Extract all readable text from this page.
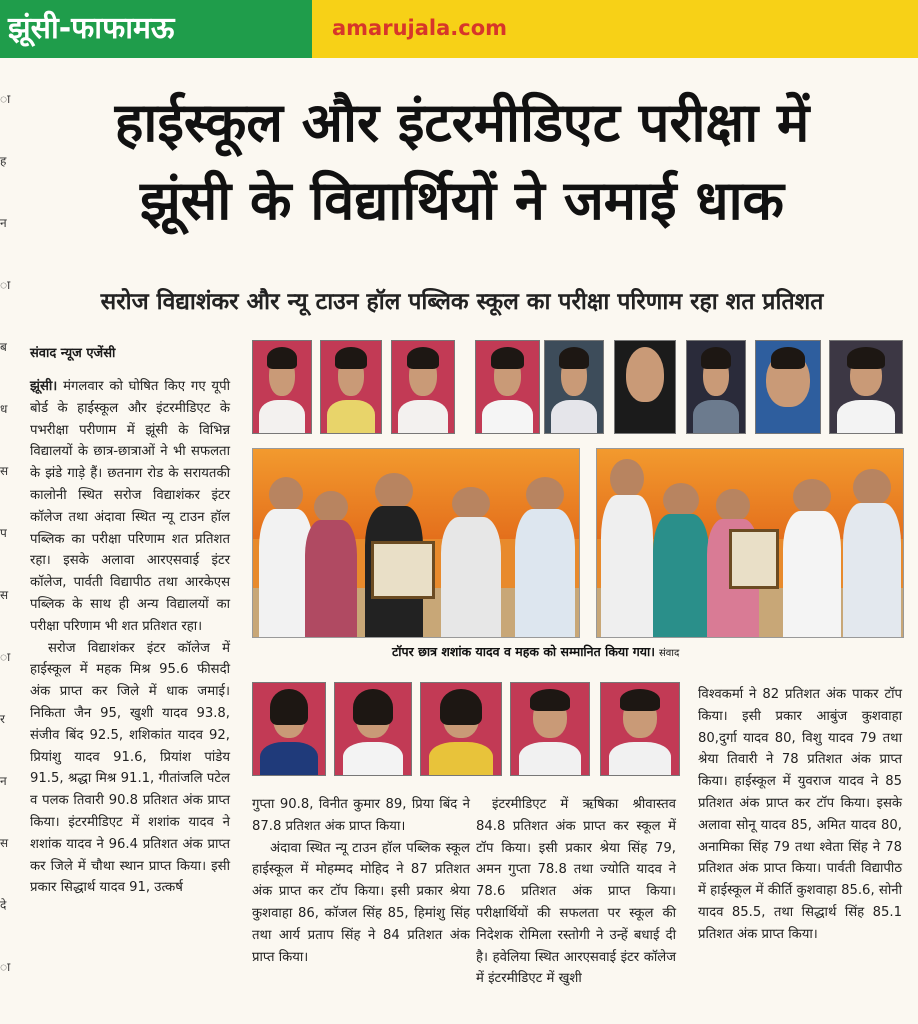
झूंसी-फाफामऊ	amarujala.com
ा
ह
न
ा
ब
ध
स
प
स
ा
र
न
स
दे
ा
हाईस्कूल और इंटरमीडिएट परीक्षा में
झूंसी के विद्यार्थियों ने जमाई धाक
सरोज विद्याशंकर और न्यू टाउन हॉल पब्लिक स्कूल का परीक्षा परिणाम रहा शत प्रतिशत
संवाद न्यूज एजेंसी
झूंसी। मंगलवार को घोषित किए गए यूपी बोर्ड के हाईस्कूल और इंटरमीडिएट के पभरीक्षा परीणाम में झूंसी के विभिन्न विद्यालयों के छात्र-छात्राओं ने भी सफलता के झंडे गाड़े हैं। छतनाग रोड के सरायतकी कालोनी स्थित सरोज विद्याशंकर इंटर कॉलेज तथा अंदावा स्थित न्यू टाउन हॉल पब्लिक का परीक्षा परिणाम शत प्रतिशत रहा। इसके अलावा आरएसवाई इंटर कॉलेज, पार्वती विद्यापीठ तथा आरकेएस पब्लिक के साथ ही अन्य विद्यालयों का परीक्षा परिणाम भी शत प्रतिशत रहा।
सरोज विद्याशंकर इंटर कॉलेज में हाईस्कूल में महक मिश्र 95.6 फीसदी अंक प्राप्त कर जिले में धाक जमाई। निकिता जैन 95, खुशी यादव 93.8, संजीव बिंद 92.5, शशिकांत यादव 92, प्रियांशु यादव 91.6, प्रियांश पांडेय 91.5, श्रद्धा मिश्र 91.1, गीतांजलि पटेल व पलक तिवारी 90.8 प्रतिशत अंक प्राप्त किया। इंटरमीडिएट में शशांक यादव ने शशांक यादव ने 96.4 प्रतिशत अंक प्राप्त कर जिले में चौथा स्थान प्राप्त किया। इसी प्रकार सिद्धार्थ यादव 91, उत्कर्ष
टॉपर छात्र शशांक यादव व महक को सम्मानित किया गया। संवाद
गुप्ता 90.8, विनीत कुमार 89, प्रिया बिंद ने 87.8 प्रतिशत अंक प्राप्त किया।
अंदावा स्थित न्यू टाउन हॉल पब्लिक स्कूल हाईस्कूल में मोहम्मद मोहिद ने 87 प्रतिशत अंक प्राप्त कर टॉप किया। इसी प्रकार श्रेया कुशवाहा 86, कॉजल सिंह 85, हिमांशु सिंह तथा आर्य प्रताप सिंह ने 84 प्रतिशत अंक प्राप्त किया।
इंटरमीडिएट में ऋषिका श्रीवास्तव 84.8 प्रतिशत अंक प्राप्त कर स्कूल में टॉप किया। इसी प्रकार श्रेया सिंह 79, अमन गुप्ता 78.8 तथा ज्योति यादव ने 78.6 प्रतिशत अंक प्राप्त किया। परीक्षार्थियों की सफलता पर स्कूल की निदेशक रोमिला रस्तोगी ने उन्हें बधाई दी है। हवेलिया स्थित आरएसवाई इंटर कॉलेज में इंटरमीडिएट में खुशी
विश्वकर्मा ने 82 प्रतिशत अंक पाकर टॉप किया। इसी प्रकार आबुंज कुशवाहा 80,दुर्गा यादव 80, विशु यादव 79 तथा श्रेया तिवारी ने 78 प्रतिशत अंक प्राप्त किया। हाईस्कूल में युवराज यादव ने 85 प्रतिशत अंक प्राप्त कर टॉप किया। इसके अलावा सोनू यादव 85, अमित यादव 80, अनामिका सिंह 79 तथा श्वेता सिंह ने 78 प्रतिशत अंक प्राप्त किया। पार्वती विद्यापीठ में हाईस्कूल में कीर्ति कुशवाहा 85.6, सोनी यादव 85.5, तथा सिद्धार्थ सिंह 85.1 प्रतिशत अंक प्राप्त किया।
